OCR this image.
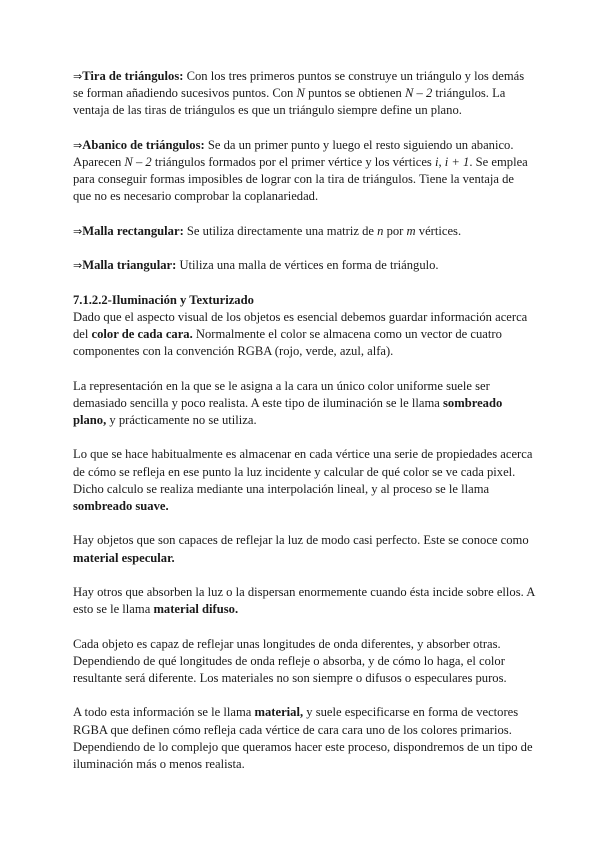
⇒Tira de triángulos: Con los tres primeros puntos se construye un triángulo y los demás se forman añadiendo sucesivos puntos. Con N puntos se obtienen N – 2 triángulos. La ventaja de las tiras de triángulos es que un triángulo siempre define un plano.

⇒Abanico de triángulos: Se da un primer punto y luego el resto siguiendo un abanico. Aparecen N – 2 triángulos formados por el primer vértice y los vértices i, i + 1. Se emplea para conseguir formas imposibles de lograr con la tira de triángulos. Tiene la ventaja de que no es necesario comprobar la coplanariedad.

⇒Malla rectangular: Se utiliza directamente una matriz de n por m vértices.

⇒Malla triangular: Utiliza una malla de vértices en forma de triángulo.

7.1.2.2-Iluminación y Texturizado

Dado que el aspecto visual de los objetos es esencial debemos guardar información acerca del color de cada cara. Normalmente el color se almacena como un vector de cuatro componentes con la convención RGBA (rojo, verde, azul, alfa).

La representación en la que se le asigna a la cara un único color uniforme suele ser demasiado sencilla y poco realista. A este tipo de iluminación se le llama sombreado plano, y prácticamente no se utiliza.

Lo que se hace habitualmente es almacenar en cada vértice una serie de propiedades acerca de cómo se refleja en ese punto la luz incidente y calcular de qué color se ve cada pixel. Dicho calculo se realiza mediante una interpolación lineal, y al proceso se le llama sombreado suave.

Hay objetos que son capaces de reflejar la luz de modo casi perfecto. Este se conoce como material especular.

Hay otros que absorben la luz o la dispersan enormemente cuando ésta incide sobre ellos. A esto se le llama material difuso.

Cada objeto es capaz de reflejar unas longitudes de onda diferentes, y absorber otras. Dependiendo de qué longitudes de onda refleje o absorba, y de cómo lo haga, el color resultante será diferente. Los materiales no son siempre o difusos o especulares puros.

A todo esta información se le llama material, y suele especificarse en forma de vectores RGBA que definen cómo refleja cada vértice de cara cara uno de los colores primarios. Dependiendo de lo complejo que queramos hacer este proceso, dispondremos de un tipo de iluminación más o menos realista.
